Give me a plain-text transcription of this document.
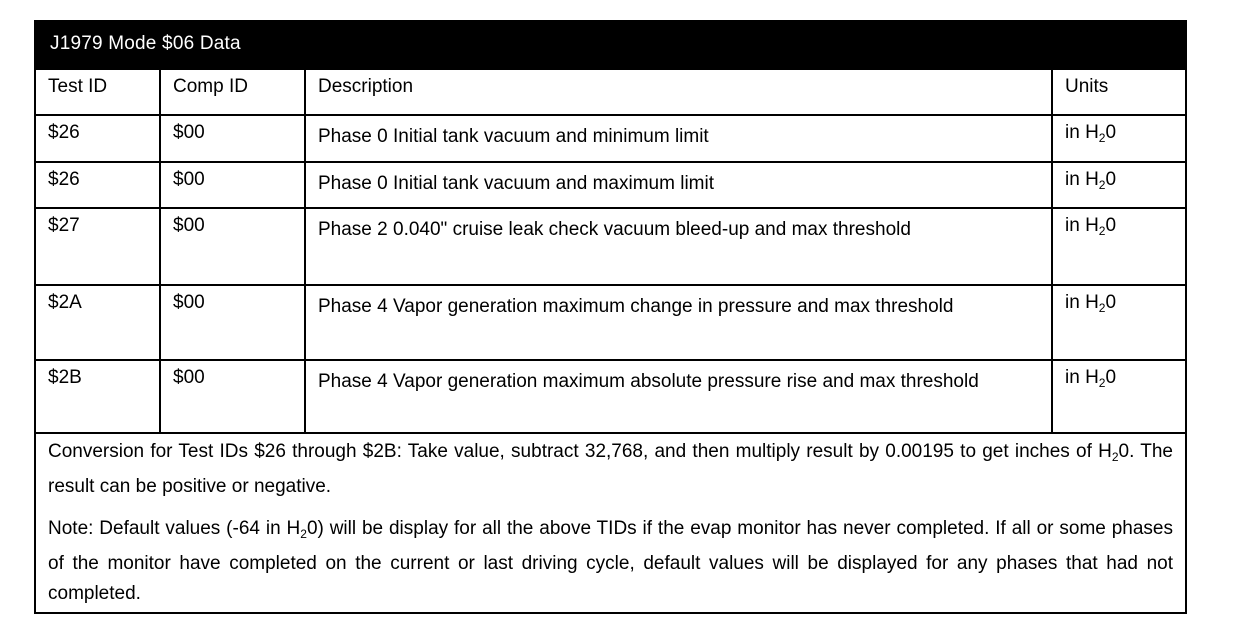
J1979 Mode $06 Data
Test ID	Comp ID	Description	Units
$26	$00	Phase 0 Initial tank vacuum and minimum limit	in $H_20$
$26	$00	Phase 0 Initial tank vacuum and maximum limit	in $H_20$
$27	$00	Phase 2 0.040" cruise leak check vacuum bleed-up and max threshold	in $H_20$
$2A	$00	Phase 4 Vapor generation maximum change in pressure and max threshold	in $H_20$
$2B	$00	Phase 4 Vapor generation maximum absolute pressure rise and max threshold	in $H_20$

Conversion for Test IDs $26 through $2B: Take value, subtract 32,768, and then multiply result by 0.00195 to get inches of $H_20$. The result can be positive or negative.

Note: Default values (-64 in $H_20$) will be display for all the above TIDs if the evap monitor has never completed. If all or some phases of the monitor have completed on the current or last driving cycle, default values will be displayed for any phases that had not completed.
